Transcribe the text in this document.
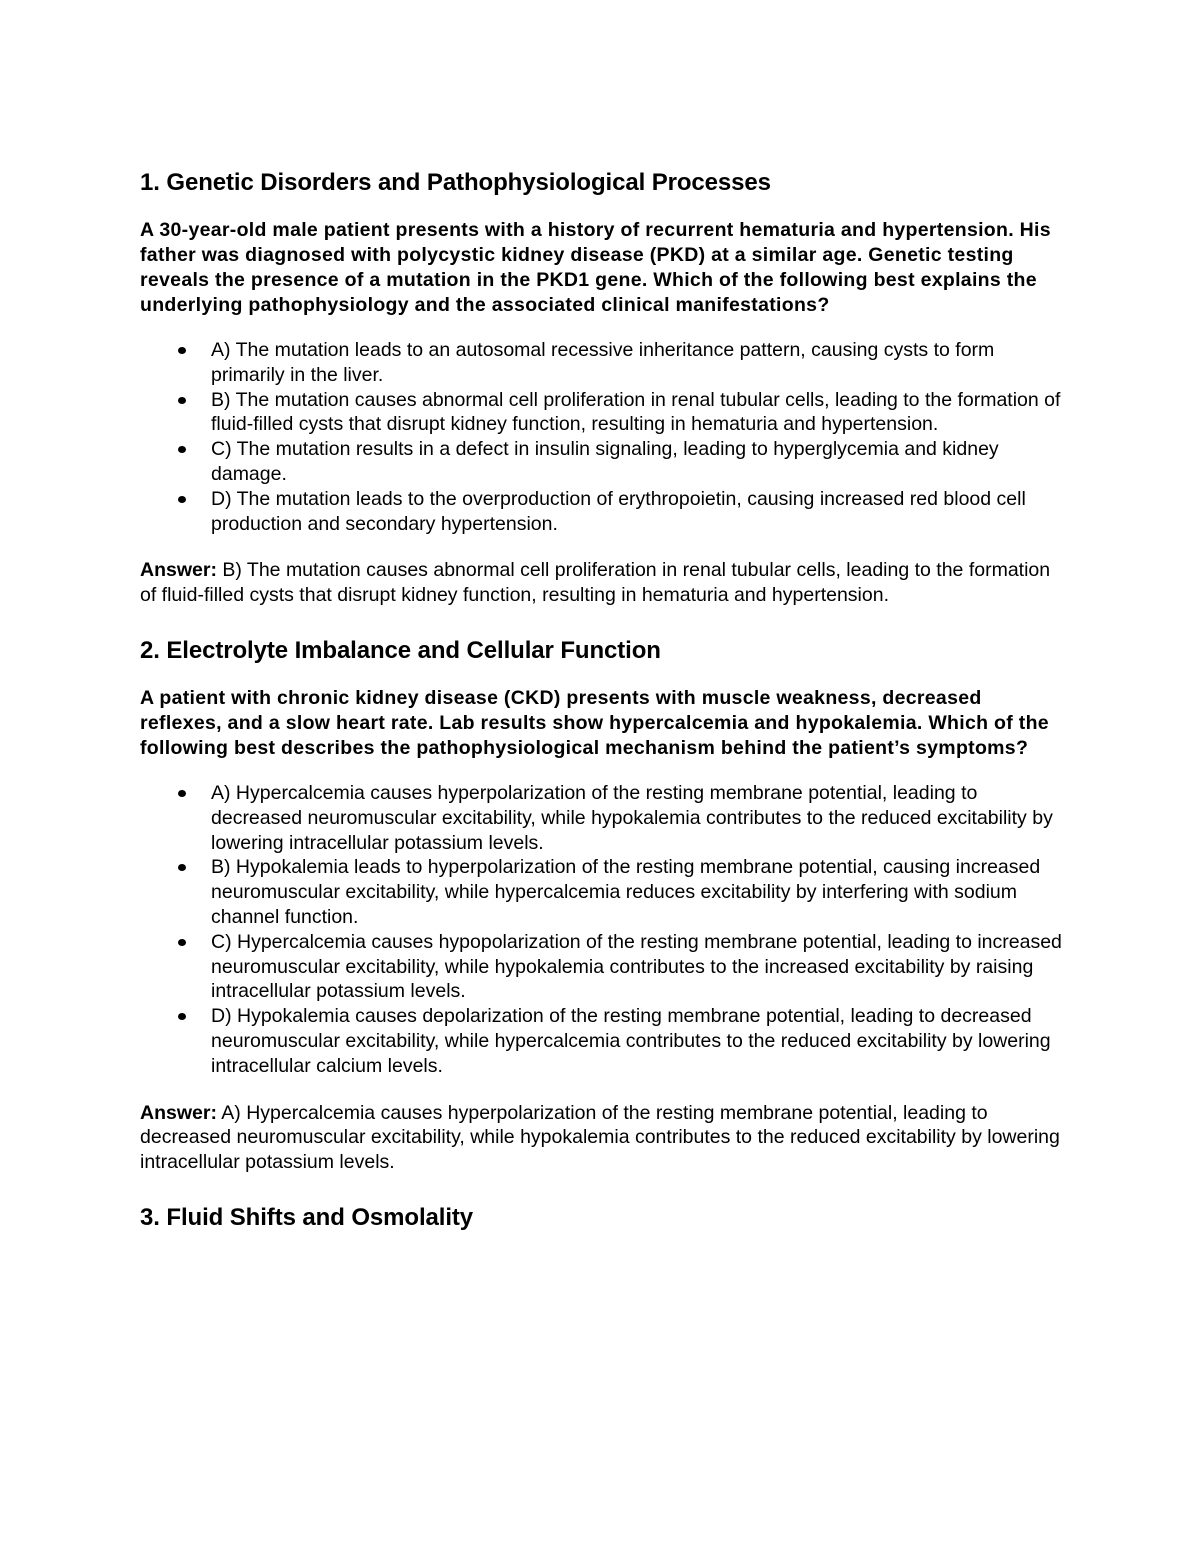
1. Genetic Disorders and Pathophysiological Processes

A 30-year-old male patient presents with a history of recurrent hematuria and hypertension. His father was diagnosed with polycystic kidney disease (PKD) at a similar age. Genetic testing reveals the presence of a mutation in the PKD1 gene. Which of the following best explains the underlying pathophysiology and the associated clinical manifestations?

A) The mutation leads to an autosomal recessive inheritance pattern, causing cysts to form primarily in the liver.
B) The mutation causes abnormal cell proliferation in renal tubular cells, leading to the formation of fluid-filled cysts that disrupt kidney function, resulting in hematuria and hypertension.
C) The mutation results in a defect in insulin signaling, leading to hyperglycemia and kidney damage.
D) The mutation leads to the overproduction of erythropoietin, causing increased red blood cell production and secondary hypertension.

Answer: B) The mutation causes abnormal cell proliferation in renal tubular cells, leading to the formation of fluid-filled cysts that disrupt kidney function, resulting in hematuria and hypertension.

2. Electrolyte Imbalance and Cellular Function

A patient with chronic kidney disease (CKD) presents with muscle weakness, decreased reflexes, and a slow heart rate. Lab results show hypercalcemia and hypokalemia. Which of the following best describes the pathophysiological mechanism behind the patient’s symptoms?

A) Hypercalcemia causes hyperpolarization of the resting membrane potential, leading to decreased neuromuscular excitability, while hypokalemia contributes to the reduced excitability by lowering intracellular potassium levels.
B) Hypokalemia leads to hyperpolarization of the resting membrane potential, causing increased neuromuscular excitability, while hypercalcemia reduces excitability by interfering with sodium channel function.
C) Hypercalcemia causes hypopolarization of the resting membrane potential, leading to increased neuromuscular excitability, while hypokalemia contributes to the increased excitability by raising intracellular potassium levels.
D) Hypokalemia causes depolarization of the resting membrane potential, leading to decreased neuromuscular excitability, while hypercalcemia contributes to the reduced excitability by lowering intracellular calcium levels.

Answer: A) Hypercalcemia causes hyperpolarization of the resting membrane potential, leading to decreased neuromuscular excitability, while hypokalemia contributes to the reduced excitability by lowering intracellular potassium levels.

3. Fluid Shifts and Osmolality
